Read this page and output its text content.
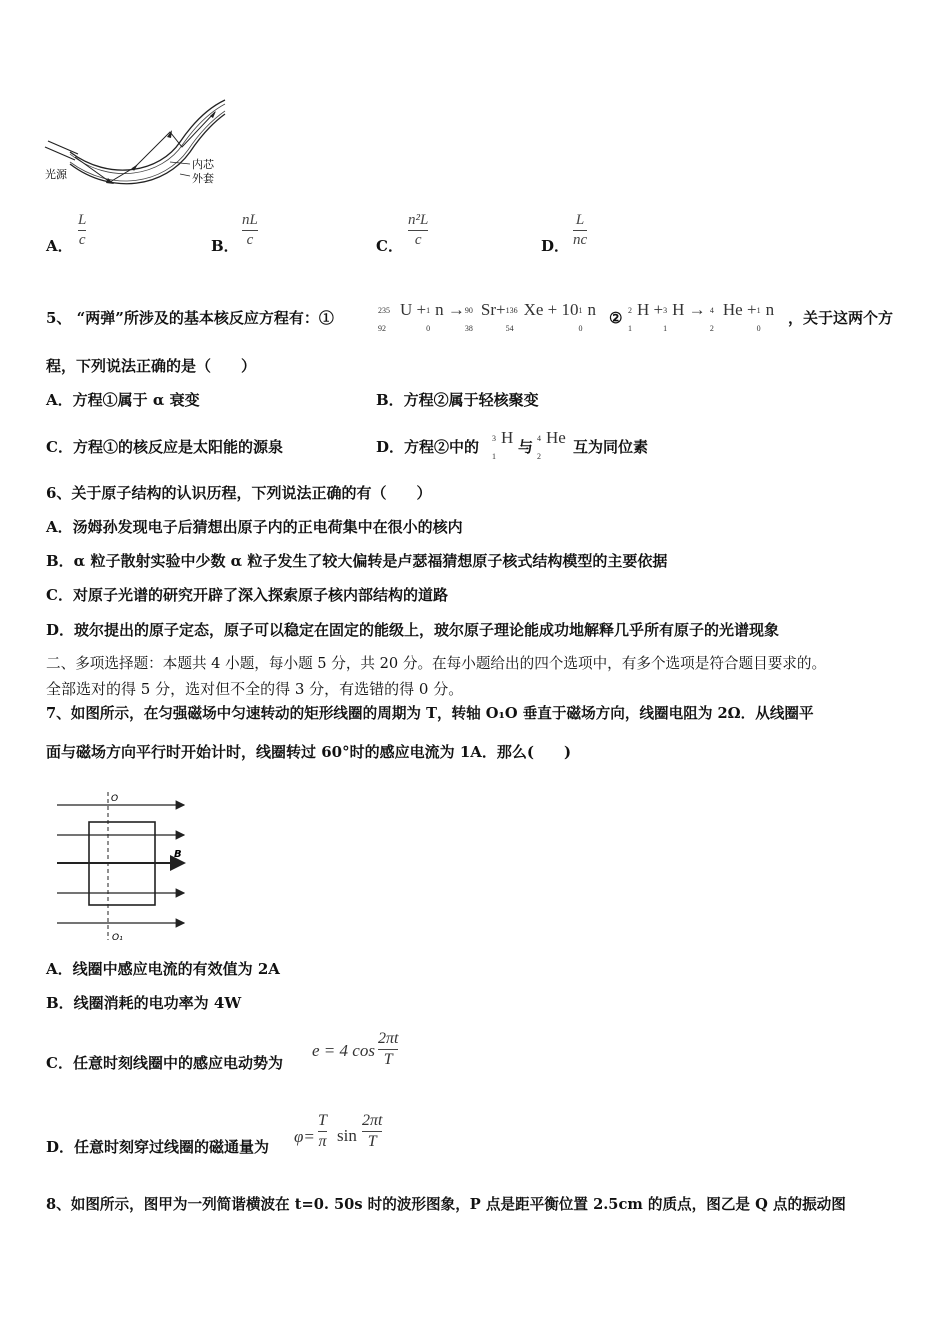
光源
内芯
外套
A．
L
c	B．
nL
c	C．
n²L
c	D．
L
nc
5、 “两弹”所涉及的基本核反应方程有：①	235
92
U + 1
0
n → 90
38
Sr+ 136
54
Xe + 10 1
0
n ② 2
1
H + 3
1
H → 4
2
He + 1
0
n ，关于这两个方
程，下列说法正确的是（　　）
A．方程①属于 α 衰变	B．方程②属于轻核聚变
C．方程①的核反应是太阳能的源泉	D．方程②中的 3
1
H 与 4
2
He 互为同位素
6、关于原子结构的认识历程，下列说法正确的有（　　）
A．汤姆孙发现电子后猜想出原子内的正电荷集中在很小的核内
B．α 粒子散射实验中少数 α 粒子发生了较大偏转是卢瑟福猜想原子核式结构模型的主要依据
C．对原子光谱的研究开辟了深入探索原子核内部结构的道路
D．玻尔提出的原子定态，原子可以稳定在固定的能级上，玻尔原子理论能成功地解释几乎所有原子的光谱现象
二、多项选择题：本题共 4 小题，每小题 5 分，共 20 分。在每小题给出的四个选项中，有多个选项是符合题目要求的。
全部选对的得 5 分，选对但不全的得 3 分，有选错的得 0 分。
7、如图所示，在匀强磁场中匀速转动的矩形线圈的周期为 T，转轴 O₁O 垂直于磁场方向，线圈电阻为 2Ω．从线圈平
面与磁场方向平行时开始计时，线圈转过 60°时的感应电流为 1A．那么(　　)
O
B
O₁
A．线圈中感应电流的有效值为 2A
B．线圈消耗的电功率为 4W
C．任意时刻线圈中的感应电动势为
e = 4 cos
2πt
T
D．任意时刻穿过线圈的磁通量为
φ=
T
π sin
2πt
T
8、如图所示，图甲为一列简谐横波在 t=0. 50s 时的波形图象，P 点是距平衡位置 2.5cm 的质点，图乙是 Q 点的振动图
